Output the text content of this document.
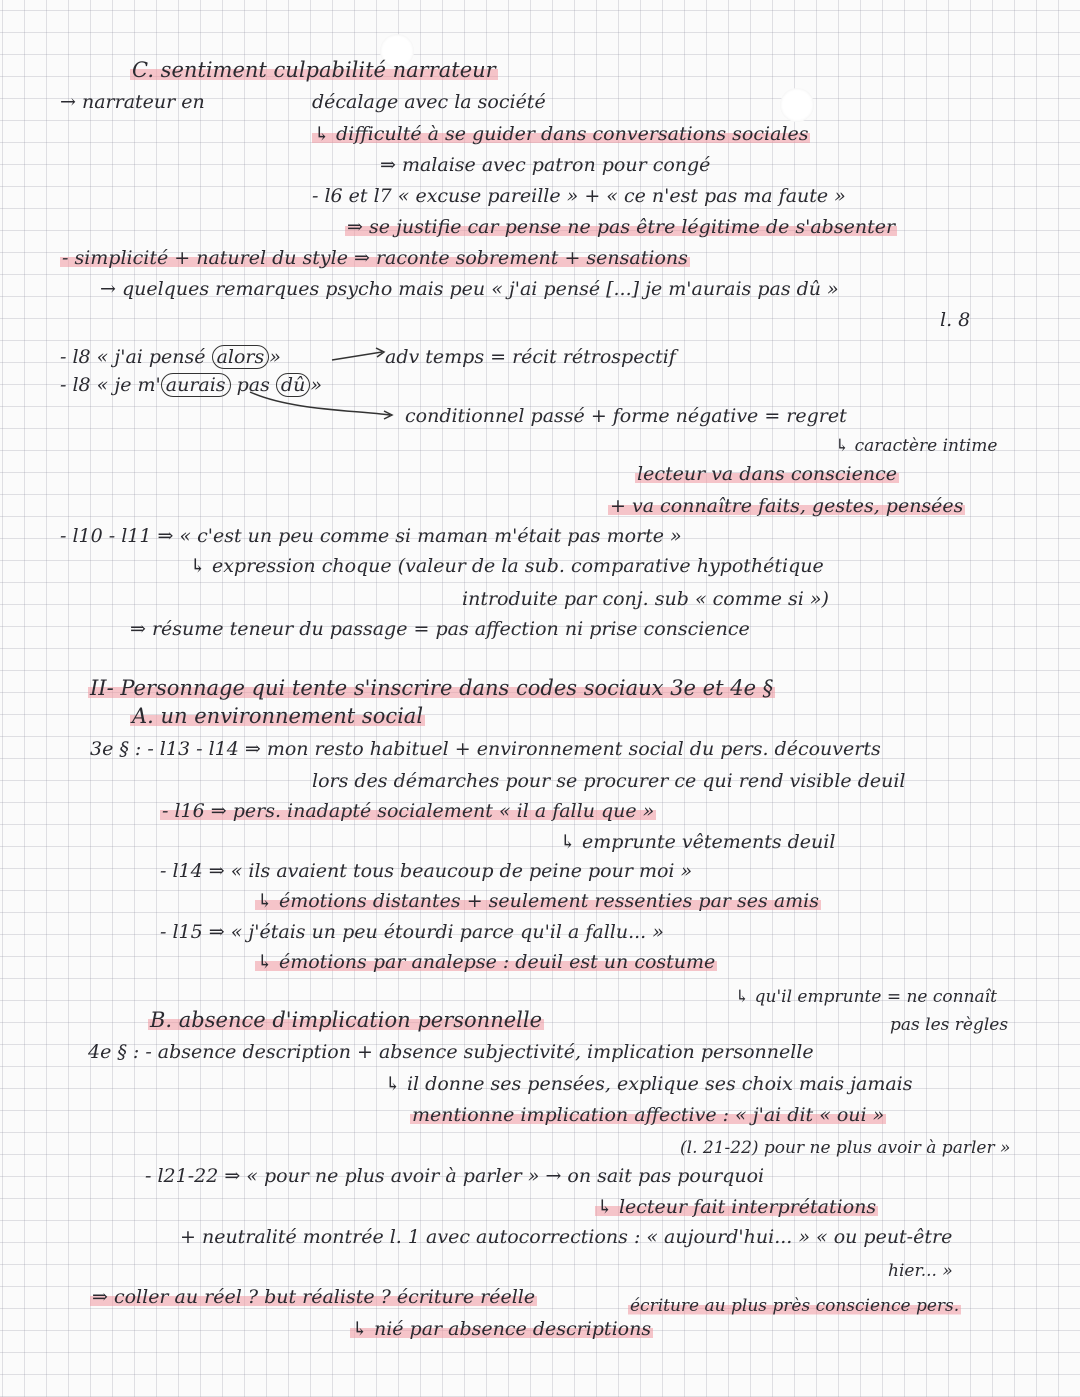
C. sentiment culpabilité narrateur
→ narrateur en	décalage avec la société
↳ difficulté à se guider dans conversations sociales
⇒ malaise avec patron pour congé
- l6 et l7 « excuse pareille » + « ce n'est pas ma faute »
⇒ se justifie car pense ne pas être légitime de s'absenter
- simplicité + naturel du style ⇒ raconte sobrement + sensations
→ quelques remarques psycho mais peu « j'ai pensé [...] je m'aurais pas dû »
l. 8
- l8 « j'ai pensé alors »	adv temps = récit rétrospectif
- l8 « je m' aurais pas dû »
conditionnel passé + forme négative = regret
↳ caractère intime
lecteur va dans conscience
+ va connaître faits, gestes, pensées
- l10 - l11 ⇒ « c'est un peu comme si maman m'était pas morte »
↳ expression choque (valeur de la sub. comparative hypothétique
introduite par conj. sub « comme si »)
⇒ résume teneur du passage = pas affection ni prise conscience
II- Personnage qui tente s'inscrire dans codes sociaux 3e et 4e §
A. un environnement social
3e § : - l13 - l14 ⇒ mon resto habituel + environnement social du pers. découverts
lors des démarches pour se procurer ce qui rend visible deuil
- l16 ⇒ pers. inadapté socialement « il a fallu que »
↳ emprunte vêtements deuil
- l14 ⇒ « ils avaient tous beaucoup de peine pour moi »
↳ émotions distantes + seulement ressenties par ses amis
- l15 ⇒ « j'étais un peu étourdi parce qu'il a fallu... »
↳ émotions par analepse : deuil est un costume
↳ qu'il emprunte = ne connaît
pas les règles
B. absence d'implication personnelle
4e § : - absence description + absence subjectivité, implication personnelle
↳ il donne ses pensées, explique ses choix mais jamais
mentionne implication affective : « j'ai dit « oui »
(l. 21-22) pour ne plus avoir à parler »
- l21-22 ⇒ « pour ne plus avoir à parler » → on sait pas pourquoi
↳ lecteur fait interprétations
+ neutralité montrée l. 1 avec autocorrections : « aujourd'hui... » « ou peut-être
hier... »
⇒ coller au réel ? but réaliste ? écriture réelle	écriture au plus près conscience pers.
↳ nié par absence descriptions
